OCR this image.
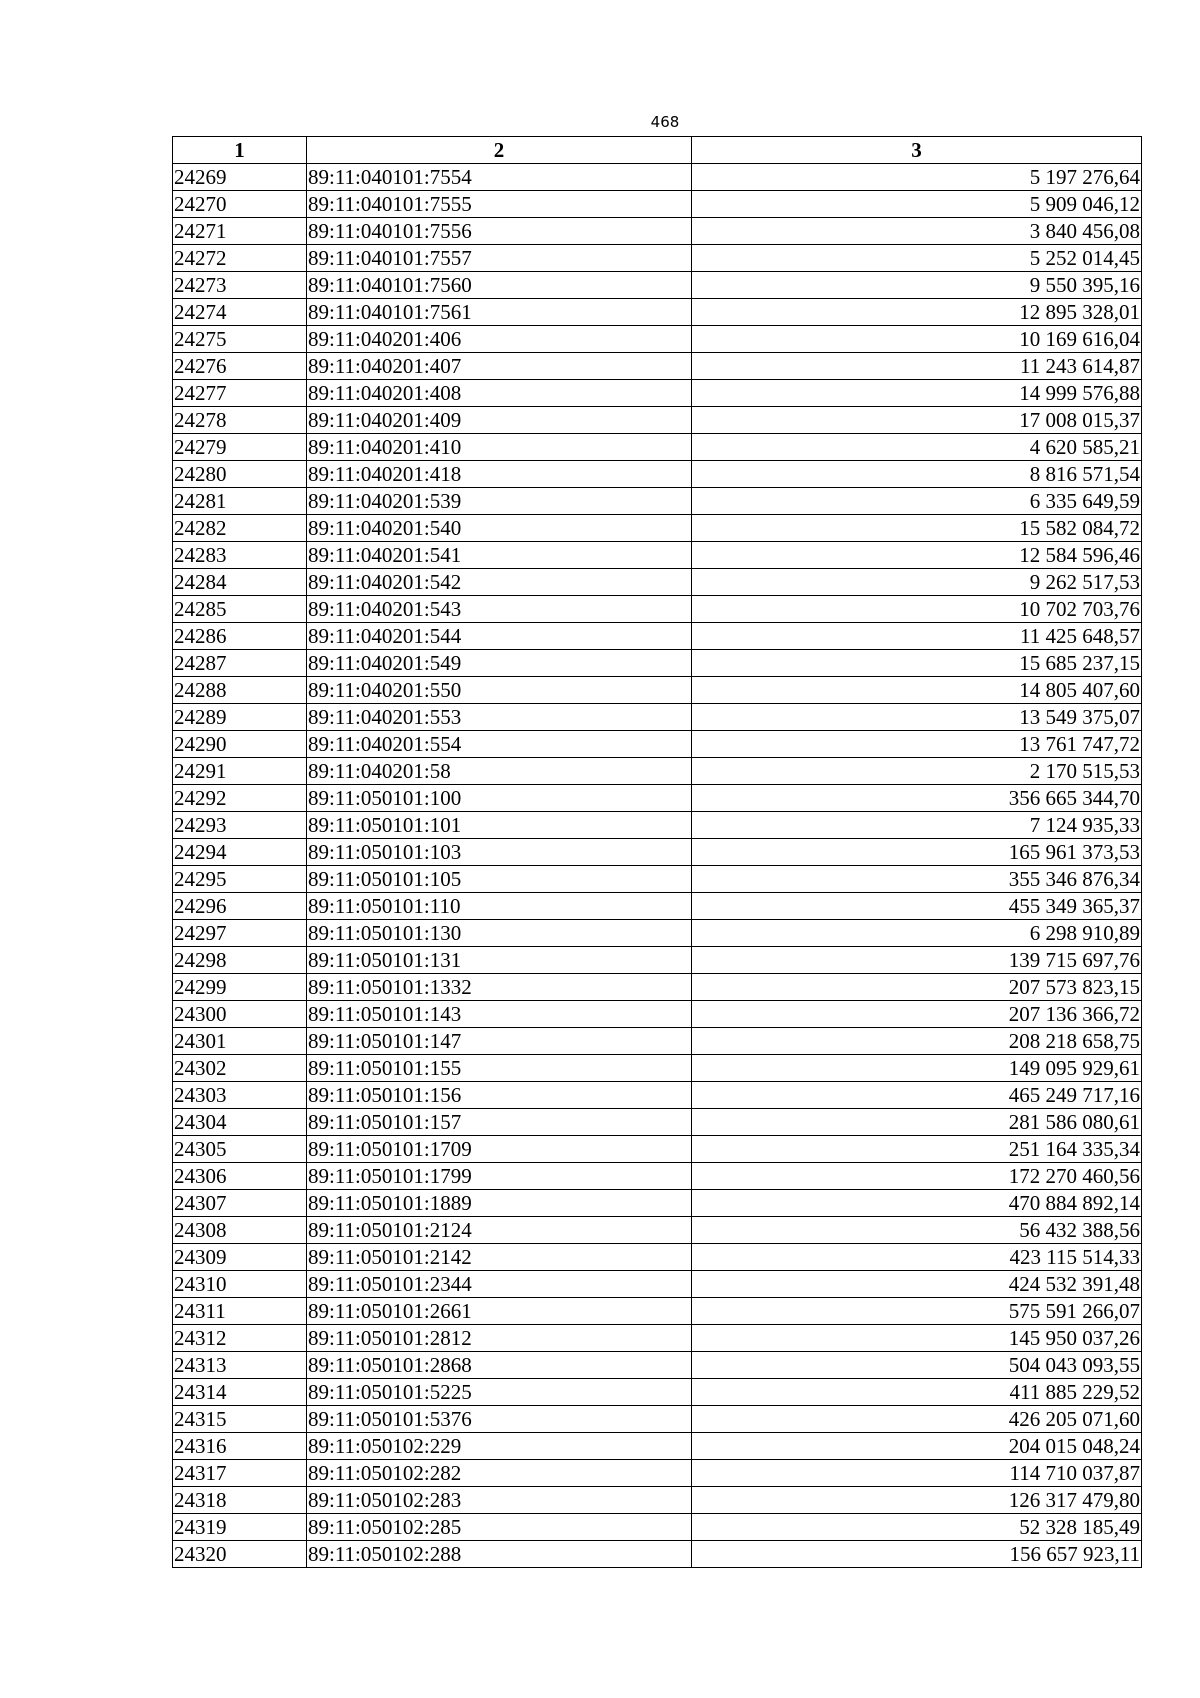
468
1	2	3
24269	89:11:040101:7554	5 197 276,64
24270	89:11:040101:7555	5 909 046,12
24271	89:11:040101:7556	3 840 456,08
24272	89:11:040101:7557	5 252 014,45
24273	89:11:040101:7560	9 550 395,16
24274	89:11:040101:7561	12 895 328,01
24275	89:11:040201:406	10 169 616,04
24276	89:11:040201:407	11 243 614,87
24277	89:11:040201:408	14 999 576,88
24278	89:11:040201:409	17 008 015,37
24279	89:11:040201:410	4 620 585,21
24280	89:11:040201:418	8 816 571,54
24281	89:11:040201:539	6 335 649,59
24282	89:11:040201:540	15 582 084,72
24283	89:11:040201:541	12 584 596,46
24284	89:11:040201:542	9 262 517,53
24285	89:11:040201:543	10 702 703,76
24286	89:11:040201:544	11 425 648,57
24287	89:11:040201:549	15 685 237,15
24288	89:11:040201:550	14 805 407,60
24289	89:11:040201:553	13 549 375,07
24290	89:11:040201:554	13 761 747,72
24291	89:11:040201:58	2 170 515,53
24292	89:11:050101:100	356 665 344,70
24293	89:11:050101:101	7 124 935,33
24294	89:11:050101:103	165 961 373,53
24295	89:11:050101:105	355 346 876,34
24296	89:11:050101:110	455 349 365,37
24297	89:11:050101:130	6 298 910,89
24298	89:11:050101:131	139 715 697,76
24299	89:11:050101:1332	207 573 823,15
24300	89:11:050101:143	207 136 366,72
24301	89:11:050101:147	208 218 658,75
24302	89:11:050101:155	149 095 929,61
24303	89:11:050101:156	465 249 717,16
24304	89:11:050101:157	281 586 080,61
24305	89:11:050101:1709	251 164 335,34
24306	89:11:050101:1799	172 270 460,56
24307	89:11:050101:1889	470 884 892,14
24308	89:11:050101:2124	56 432 388,56
24309	89:11:050101:2142	423 115 514,33
24310	89:11:050101:2344	424 532 391,48
24311	89:11:050101:2661	575 591 266,07
24312	89:11:050101:2812	145 950 037,26
24313	89:11:050101:2868	504 043 093,55
24314	89:11:050101:5225	411 885 229,52
24315	89:11:050101:5376	426 205 071,60
24316	89:11:050102:229	204 015 048,24
24317	89:11:050102:282	114 710 037,87
24318	89:11:050102:283	126 317 479,80
24319	89:11:050102:285	52 328 185,49
24320	89:11:050102:288	156 657 923,11
